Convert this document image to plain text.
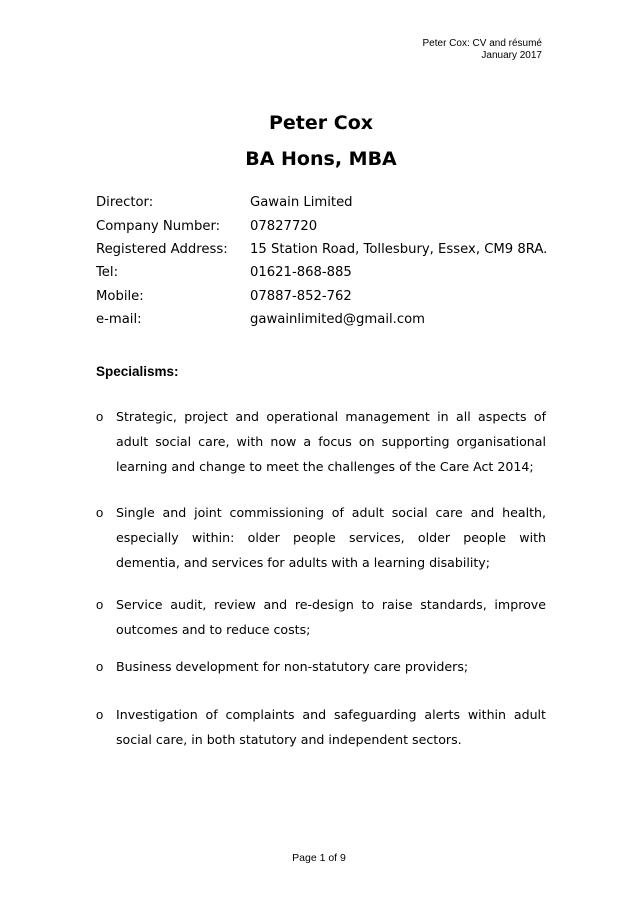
Peter Cox: CV and résumé
January 2017
Peter Cox
BA Hons, MBA
Director:	Gawain Limited
Company Number:	07827720
Registered Address:	15 Station Road, Tollesbury, Essex, CM9 8RA.
Tel:	01621-868-885
Mobile:	07887-852-762
e-mail:	gawainlimited@gmail.com
Specialisms:
o	Strategic, project and operational management in all aspects of adult social care, with now a focus on supporting organisational learning and change to meet the challenges of the Care Act 2014;
o	Single and joint commissioning of adult social care and health, especially within: older people services, older people with dementia, and services for adults with a learning disability;
o	Service audit, review and re-design to raise standards, improve outcomes and to reduce costs;
o	Business development for non-statutory care providers;
o	Investigation of complaints and safeguarding alerts within adult social care, in both statutory and independent sectors.
Page 1 of 9
